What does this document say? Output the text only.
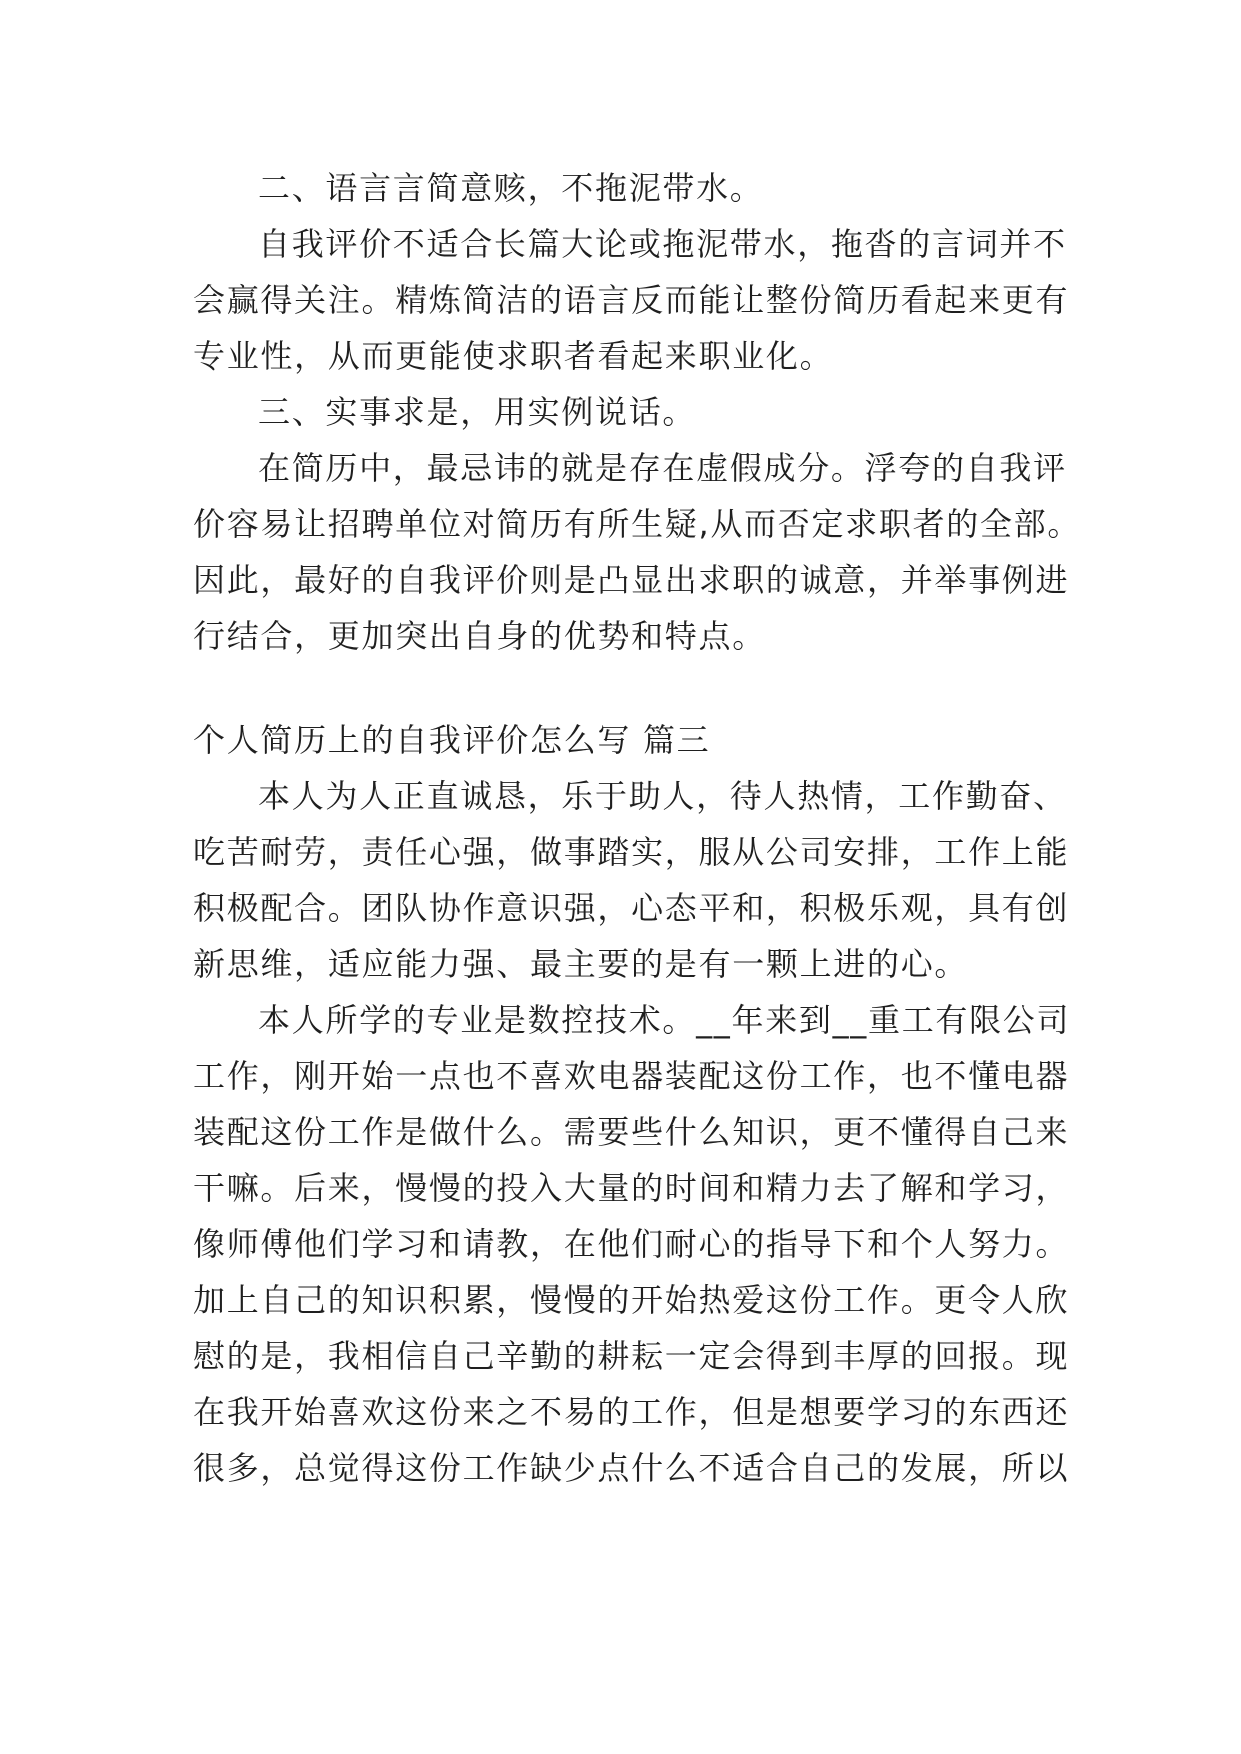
二、语言言简意赅，不拖泥带水。
自我评价不适合长篇大论或拖泥带水，拖沓的言词并不
会赢得关注。精炼简洁的语言反而能让整份简历看起来更有
专业性，从而更能使求职者看起来职业化。
三、实事求是，用实例说话。
在简历中，最忌讳的就是存在虚假成分。浮夸的自我评
价容易让招聘单位对简历有所生疑,从而否定求职者的全部。
因此，最好的自我评价则是凸显出求职的诚意，并举事例进
行结合，更加突出自身的优势和特点。
个人简历上的自我评价怎么写 篇三
本人为人正直诚恳，乐于助人，待人热情，工作勤奋、
吃苦耐劳，责任心强，做事踏实，服从公司安排，工作上能
积极配合。团队协作意识强，心态平和，积极乐观，具有创
新思维，适应能力强、最主要的是有一颗上进的心。
本人所学的专业是数控技术。__年来到__重工有限公司
工作，刚开始一点也不喜欢电器装配这份工作，也不懂电器
装配这份工作是做什么。需要些什么知识，更不懂得自己来
干嘛。后来，慢慢的投入大量的时间和精力去了解和学习，
像师傅他们学习和请教，在他们耐心的指导下和个人努力。
加上自己的知识积累，慢慢的开始热爱这份工作。更令人欣
慰的是，我相信自己辛勤的耕耘一定会得到丰厚的回报。现
在我开始喜欢这份来之不易的工作，但是想要学习的东西还
很多，总觉得这份工作缺少点什么不适合自己的发展，所以
